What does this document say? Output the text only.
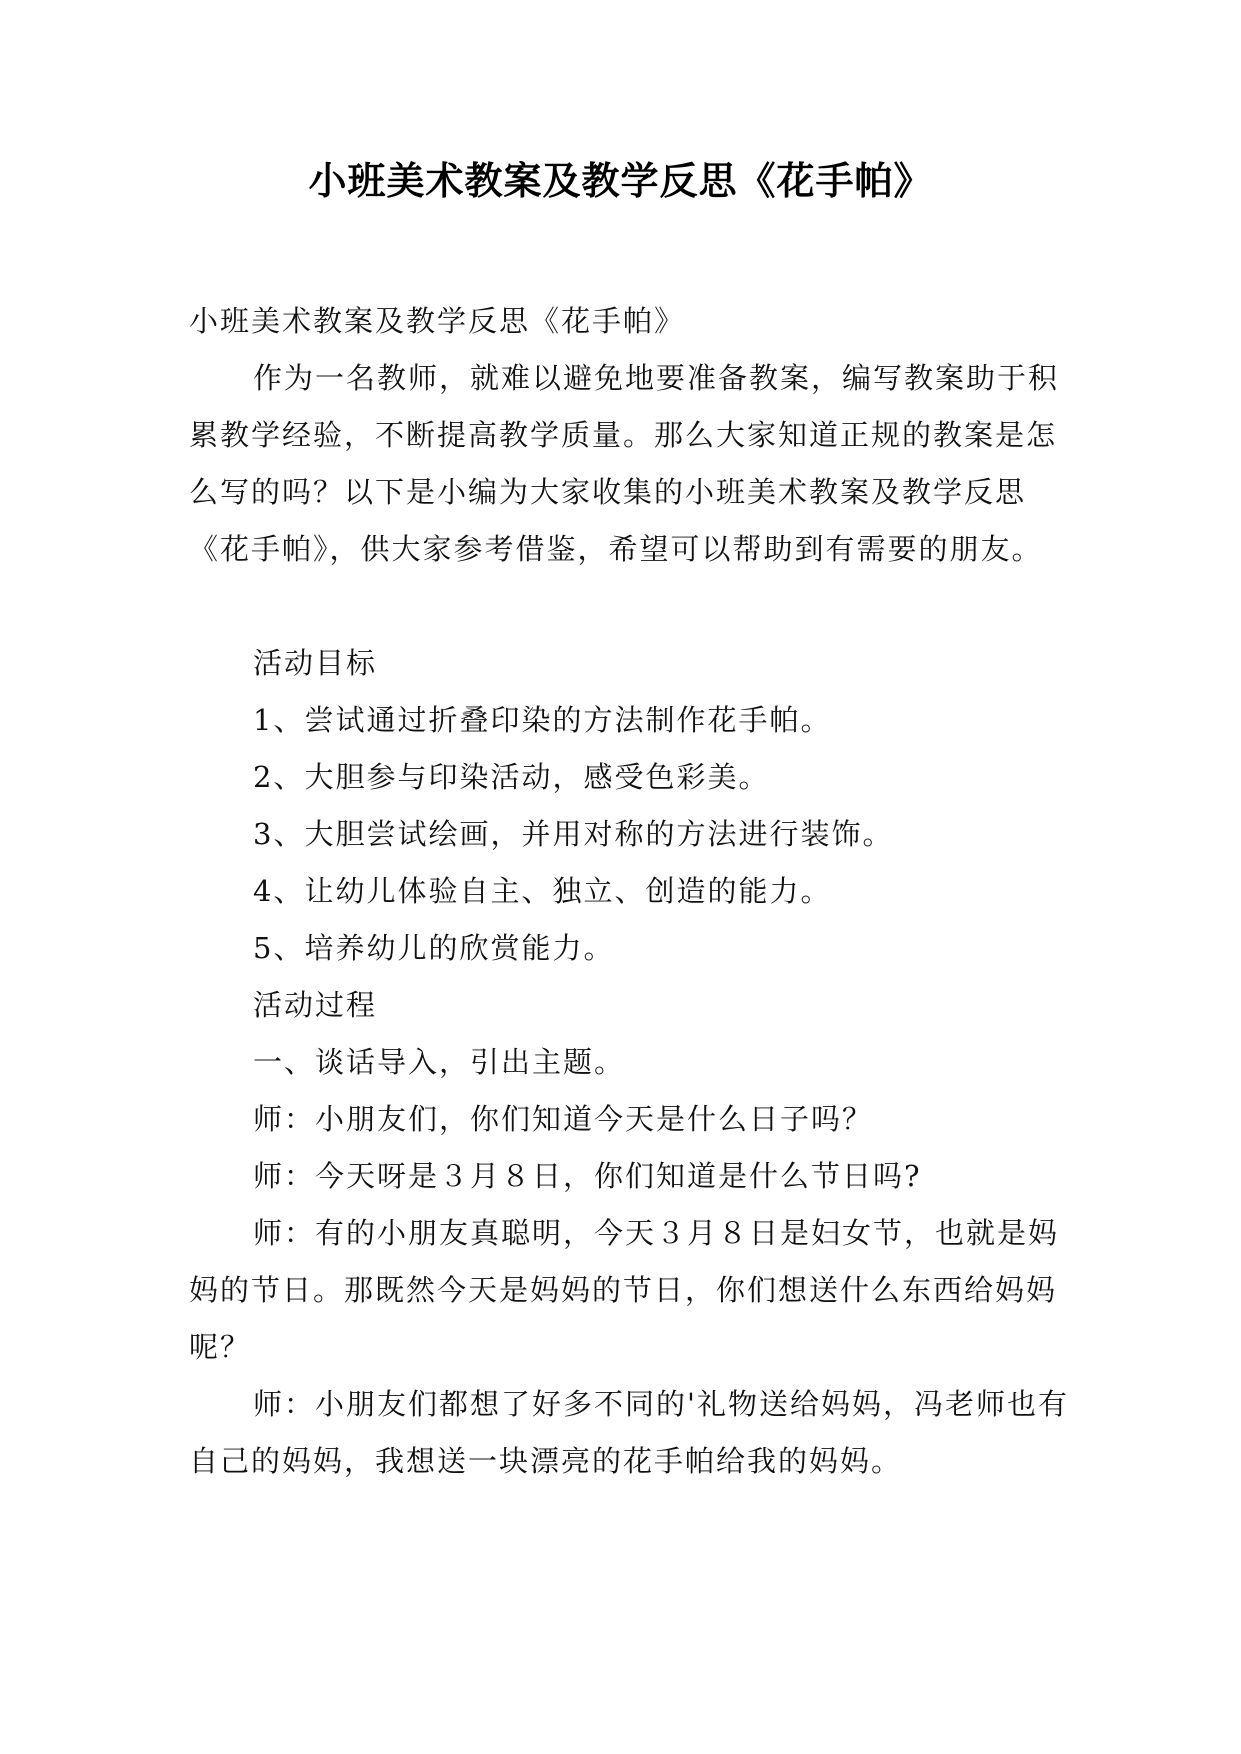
小班美术教案及教学反思《花手帕》

小班美术教案及教学反思《花手帕》

作为一名教师，就难以避免地要准备教案，编写教案助于积累教学经验，不断提高教学质量。那么大家知道正规的教案是怎么写的吗？以下是小编为大家收集的小班美术教案及教学反思《花手帕》，供大家参考借鉴，希望可以帮助到有需要的朋友。

活动目标

1、尝试通过折叠印染的方法制作花手帕。

2、大胆参与印染活动，感受色彩美。

3、大胆尝试绘画，并用对称的方法进行装饰。

4、让幼儿体验自主、独立、创造的能力。

5、培养幼儿的欣赏能力。

活动过程

一、谈话导入，引出主题。

师：小朋友们，你们知道今天是什么日子吗？

师：今天呀是３月８日，你们知道是什么节日吗?

师：有的小朋友真聪明，今天３月８日是妇女节，也就是妈妈的节日。那既然今天是妈妈的节日，你们想送什么东西给妈妈呢？

师：小朋友们都想了好多不同的'礼物送给妈妈，冯老师也有自己的妈妈，我想送一块漂亮的花手帕给我的妈妈。
